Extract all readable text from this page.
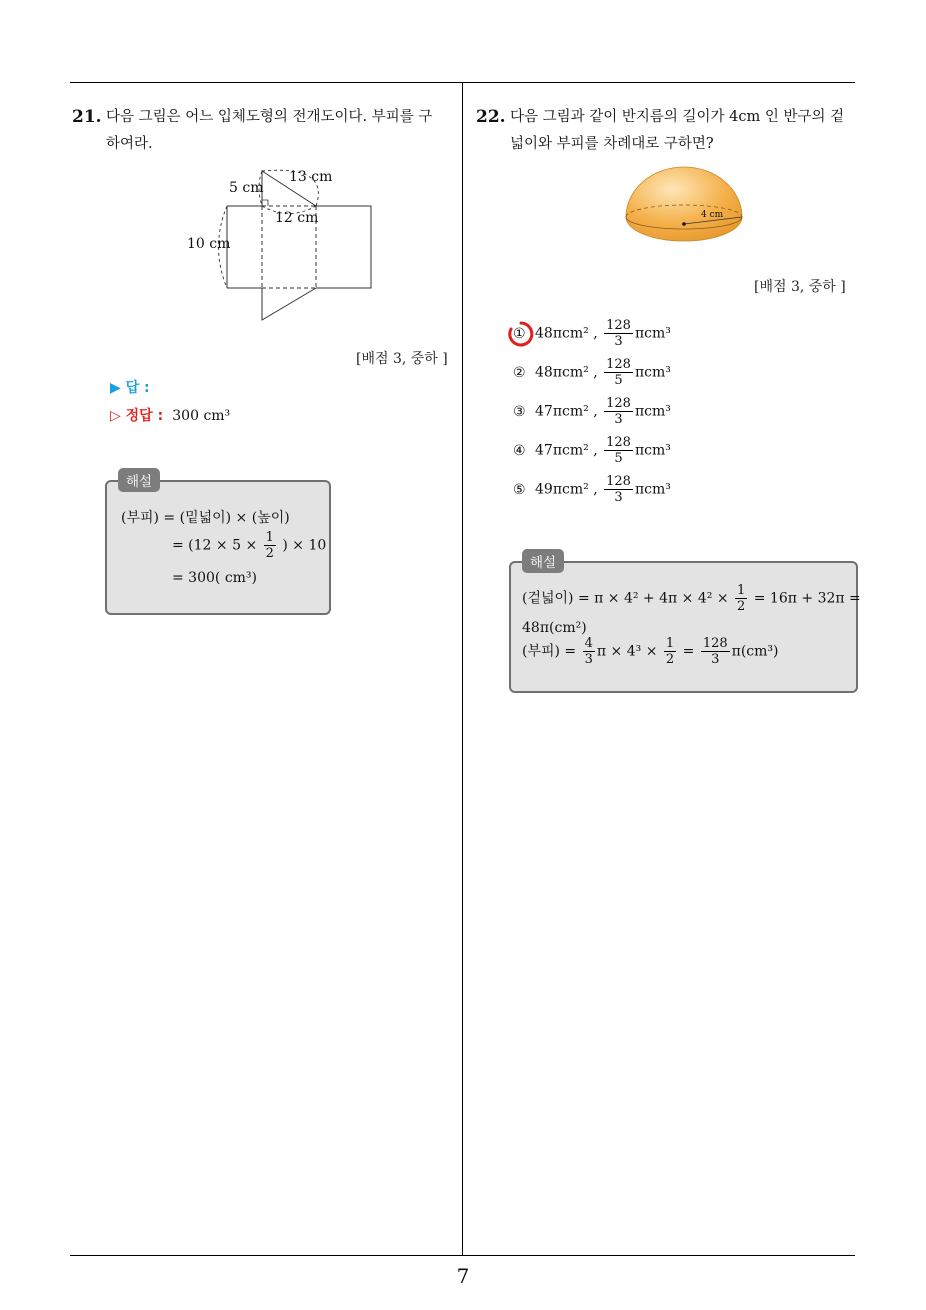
21. 다음 그림은 어느 입체도형의 전개도이다. 부피를 구
하여라.
5 cm
13 cm
12 cm
10 cm
[배점 3, 중하 ]
▶ 답 :
▷ 정답 : 300 cm³
해설
(부피) = (밑넓이) × (높이)
= ($12 \times 5 \times \frac{1}{2}$ ) × 10
= 300( cm³)
22. 다음 그림과 같이 반지름의 길이가 4cm 인 반구의 겉
넓이와 부피를 차례대로 구하면?
4 cm
[배점 3, 중하 ]
① 48πcm² , $\frac{128}{3} \pi cm^3$
② 48πcm² , $\frac{128}{5} \pi cm^3$
③ 47πcm² , $\frac{128}{3} \pi cm^3$
④ 47πcm² , $\frac{128}{5} \pi cm^3$
⑤ 49πcm² , $\frac{128}{3} \pi cm^3$
해설
(겉넓이) = $\pi \times 4^2 + 4\pi \times 4^2 \times \frac{1}{2} = 16\pi + 32\pi$ =
48π(cm²)
(부피) = $\frac{4}{3}$ $\pi \times 4^3 \times \frac{1}{2} = \frac{128}{3} \pi(cm^3)$
7
